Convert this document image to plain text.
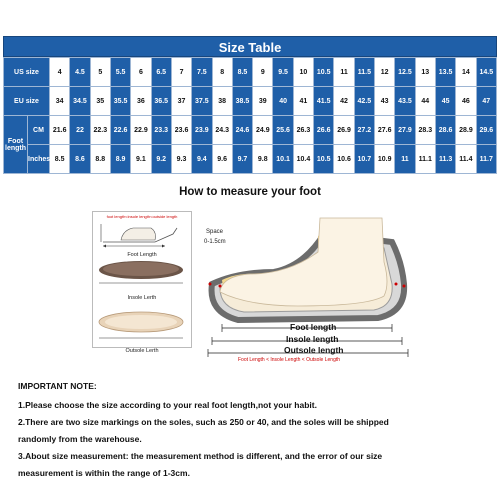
Size Table
US size		4	4.5	5	5.5	6	6.5	7	7.5	8	8.5	9	9.5	10	10.5	11	11.5	12	12.5	13	13.5	14	14.5
EU size		34	34.5	35	35.5	36	36.5	37	37.5	38	38.5	39	40	41	41.5	42	42.5	43	43.5	44	45	46	47
Foot length	CM	21.6	22	22.3	22.6	22.9	23.3	23.6	23.9	24.3	24.6	24.9	25.6	26.3	26.6	26.9	27.2	27.6	27.9	28.3	28.6	28.9	29.6
	Inches	8.5	8.6	8.8	8.9	9.1	9.2	9.3	9.4	9.6	9.7	9.8	10.1	10.4	10.5	10.6	10.7	10.9	11	11.1	11.3	11.4	11.7
How to measure your foot
foot length<insole length<outside length
Foot Length
Insole Lerth
Outsole Lerth
Space
0-1.5cm
Foot length
Insole length
Outsole length
Foot Length < Insole Length < Outsole Length

IMPORTANT NOTE:

1.Please choose the size according to your real foot length,not your habit.

2.There are two size markings on the soles, such as 250 or 40, and the soles will be shipped

randomly from the warehouse.

3.About size measurement: the measurement method is different, and the error of our size

measurement is within the range of 1-3cm.
